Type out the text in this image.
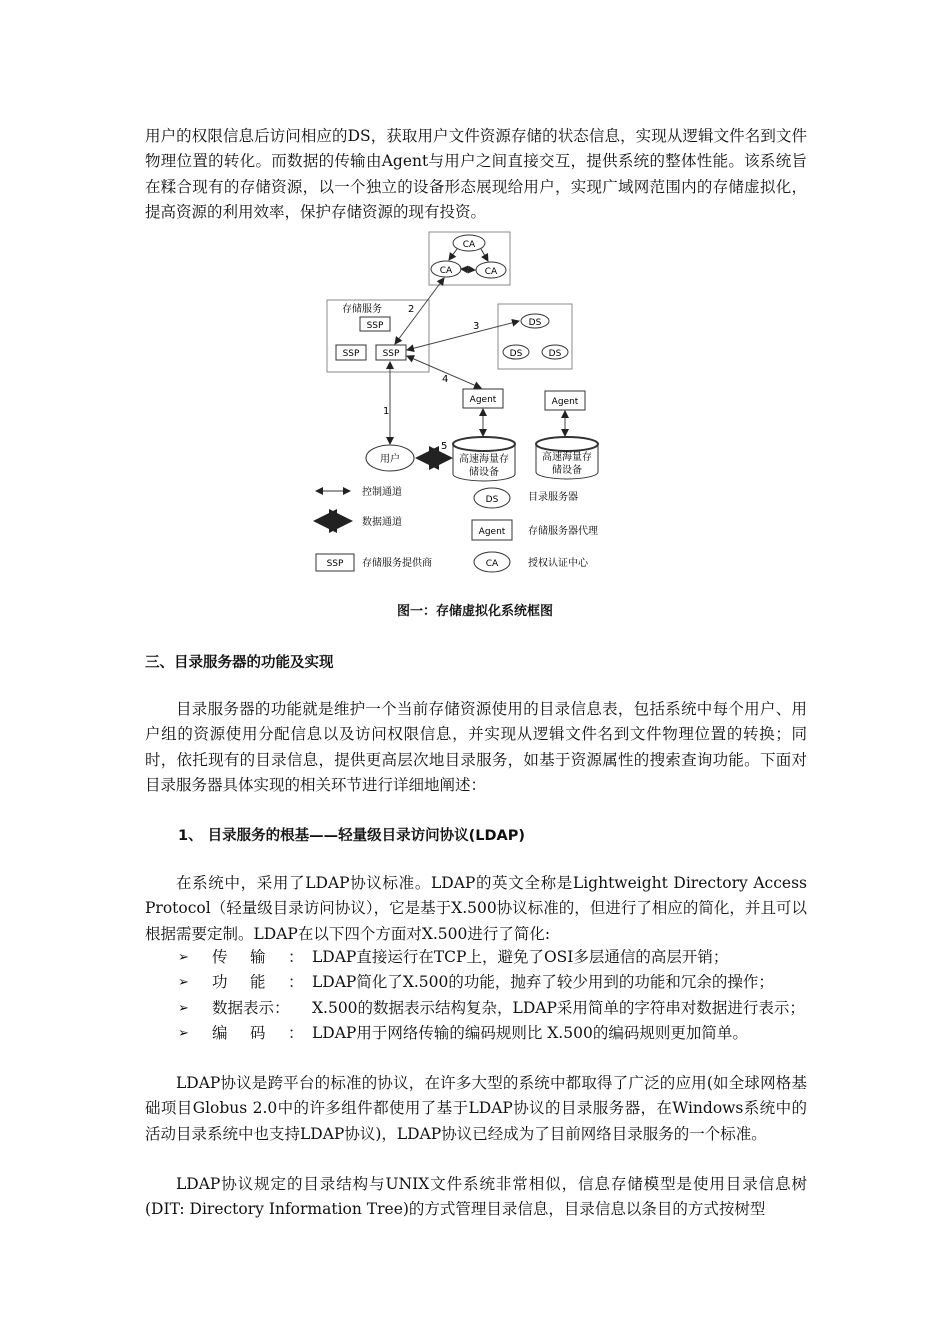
用户的权限信息后访问相应的DS，获取用户文件资源存储的状态信息，实现从逻辑文件名到文件物理位置的转化。而数据的传输由Agent与用户之间直接交互，提供系统的整体性能。该系统旨在糅合现有的存储资源，以一个独立的设备形态展现给用户，实现广域网范围内的存储虚拟化，提高资源的利用效率，保护存储资源的现有投资。

CA
CA	CA
存储服务
SSP
SSP	SSP
DS
DS	DS
Agent	Agent
高速海量存
储设备
高速海量存
储设备
用户
2
3
4
1
5
控制通道
数据通道
SSP 存储服务提供商
DS	目录服务器
Agent 存储服务器代理
CA	授权认证中心
图一：存储虚拟化系统框图
三、目录服务器的功能及实现

目录服务器的功能就是维护一个当前存储资源使用的目录信息表，包括系统中每个用户、用户组的资源使用分配信息以及访问权限信息，并实现从逻辑文件名到文件物理位置的转换；同时，依托现有的目录信息，提供更高层次地目录服务，如基于资源属性的搜索查询功能。下面对目录服务器具体实现的相关环节进行详细地阐述：

1、 目录服务的根基——轻量级目录访问协议(LDAP)

在系统中，采用了LDAP协议标准。LDAP的英文全称是Lightweight Directory Access Protocol（轻量级目录访问协议），它是基于X.500协议标准的，但进行了相应的简化，并且可以根据需要定制。LDAP在以下四个方面对X.500进行了简化:

➢ 传输：
LDAP直接运行在TCP上，避免了OSI多层通信的高层开销；
➢ 功能：
LDAP简化了X.500的功能，抛弃了较少用到的功能和冗余的操作；
➢ 数据表示：	X.500的数据表示结构复杂，LDAP采用简单的字符串对数据进行表示；
➢ 编码：
LDAP用于网络传输的编码规则比 X.500的编码规则更加简单。

LDAP协议是跨平台的标准的协议，在许多大型的系统中都取得了广泛的应用(如全球网格基础项目Globus 2.0中的许多组件都使用了基于LDAP协议的目录服务器，在Windows系统中的活动目录系统中也支持LDAP协议)，LDAP协议已经成为了目前网络目录服务的一个标准。

LDAP协议规定的目录结构与UNIX文件系统非常相似，信息存储模型是使用目录信息树(DIT: Directory Information Tree)的方式管理目录信息，目录信息以条目的方式按树型
